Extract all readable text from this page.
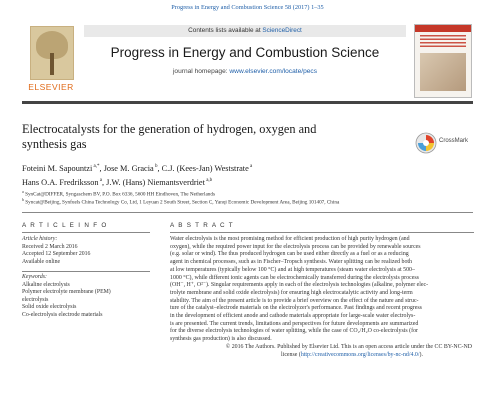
Progress in Energy and Combustion Science 58 (2017) 1–35
ELSEVIER
Contents lists available at ScienceDirect
Progress in Energy and Combustion Science
journal homepage: www.elsevier.com/locate/pecs
Electrocatalysts for the generation of hydrogen, oxygen and
synthesis gas	CrossMark
Foteini M. Sapountzi $^{a,*}$, Jose M. Gracia $^b$, C.J. (Kees-Jan) Weststrate $^a$
Hans O.A. Fredriksson $^a$, J.W. (Hans) Niemantsverdriet $^{a,b}$
$^a$ SynCat@DIFFER, Syngaschem BV, P.O. Box 6336, 5600 HH Eindhoven, The Netherlands
$^b$ Syncat@Beijing, Synfuels China Technology Co, Ltd, 1 Leyuan 2 South Street, Section C, Yanqi Economic Development Area, Beijing 101407, China
A R T I C L E I N F O	A B S T R A C T
Article history:
Received 2 March 2016
Accepted 12 September 2016
Available online
Keywords:
Alkaline electrolysis
Polymer electrolyte membrane (PEM)
electrolysis
Solid oxide electrolysis
Co-electrolysis electrode materials
Water electrolysis is the most promising method for efficient production of high purity hydrogen (and
oxygen), while the required power input for the electrolysis process can be provided by renewable sources
(e.g. solar or wind). The thus produced hydrogen can be used either directly as a fuel or as a reducing
agent in chemical processes, such as in Fischer–Tropsch synthesis. Water splitting can be realized both
at low temperatures (typically below 100 °C) and at high temperatures (steam water electrolysis at 500–
1000 °C), while different ionic agents can be electrochemically transferred during the electrolysis process
(OH⁻, H⁺, O²⁻). Singular requirements apply in each of the electrolysis technologies (alkaline, polymer elec-
trolyte membrane and solid oxide electrolysis) for ensuring high electrocatalytic activity and long-term
stability. The aim of the present article is to provide a brief overview on the effect of the nature and struc-
ture of the catalyst–electrode materials on the electrolyzer's performance. Past findings and recent progress
in the development of efficient anode and cathode materials appropriate for large-scale water electrolys-
is are presented. The current trends, limitations and perspectives for future developments are summarized
for the diverse electrolysis technologies of water splitting, while the case of CO₂/H₂O co-electrolysis (for
synthesis gas production) is also discussed.
© 2016 The Authors. Published by Elsevier Ltd. This is an open access article under the CC BY-NC-ND
license (http://creativecommons.org/licenses/by-nc-nd/4.0/).
